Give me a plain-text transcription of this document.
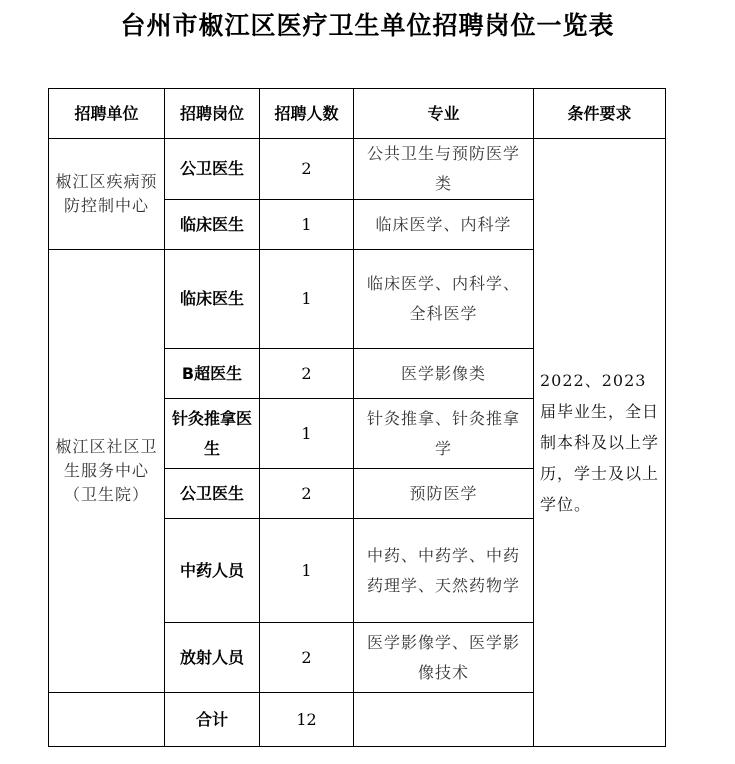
台州市椒江区医疗卫生单位招聘岗位一览表
招聘单位	招聘岗位	招聘人数	专业	条件要求
椒江区疾病预防控制中心	公卫医生	2	公共卫生与预防医学类	2022、2023届毕业生，全日制本科及以上学历，学士及以上学位。
	临床医生	1	临床医学、内科学	
椒江区社区卫生服务中心（卫生院）	临床医生	1	临床医学、内科学、全科医学	
	B超医生	2	医学影像类	
	针灸推拿医生	1	针灸推拿、针灸推拿学	
	公卫医生	2	预防医学	
	中药人员	1	中药、中药学、中药药理学、天然药物学	
	放射人员	2	医学影像学、医学影像技术	
	合计	12		
